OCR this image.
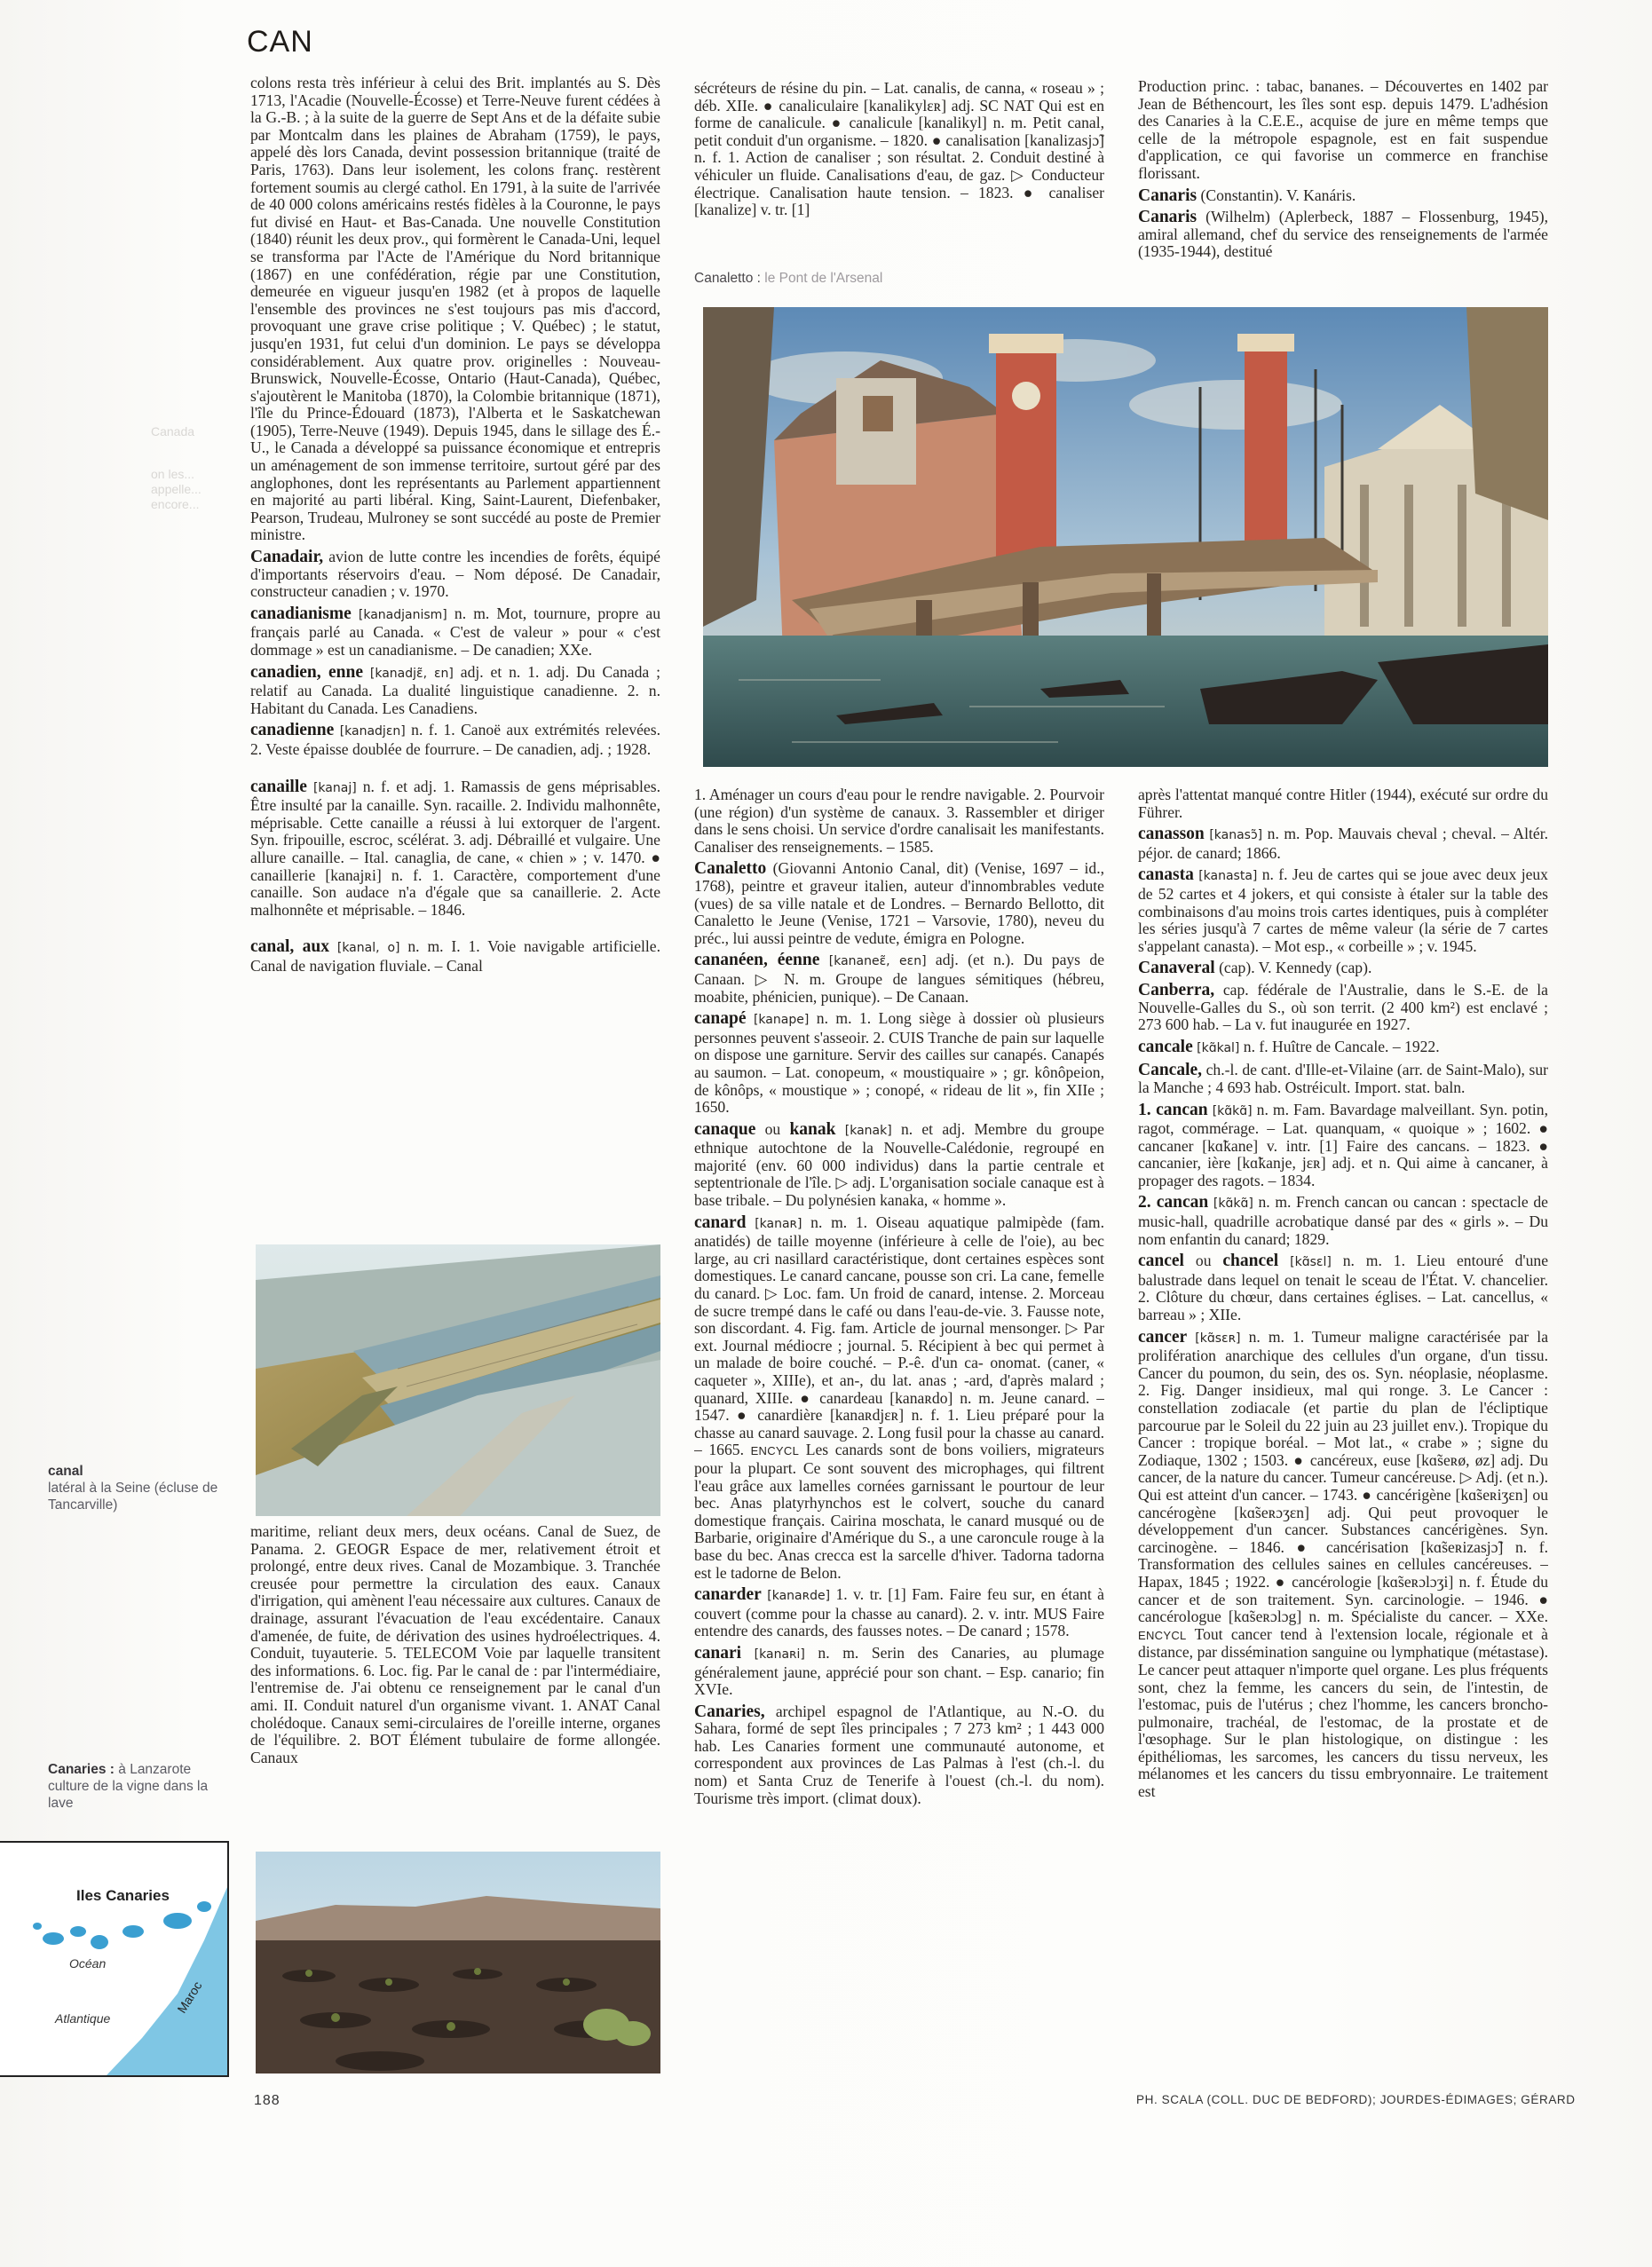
CAN
Canada
on les... appelle... encore...

colons resta très inférieur à celui des Brit. implantés au S. Dès 1713, l'Acadie (Nouvelle-Écosse) et Terre-Neuve furent cédées à la G.-B. ; à la suite de la guerre de Sept Ans et de la défaite subie par Montcalm dans les plaines de Abraham (1759), le pays, appelé dès lors Canada, devint possession britannique (traité de Paris, 1763). Dans leur isolement, les colons franç. restèrent fortement soumis au clergé cathol. En 1791, à la suite de l'arrivée de 40 000 colons américains restés fidèles à la Couronne, le pays fut divisé en Haut- et Bas-Canada. Une nouvelle Constitution (1840) réunit les deux prov., qui formèrent le Canada-Uni, lequel se transforma par l'Acte de l'Amérique du Nord britannique (1867) en une confédération, régie par une Constitution, demeurée en vigueur jusqu'en 1982 (et à propos de laquelle l'ensemble des provinces ne s'est toujours pas mis d'accord, provoquant une grave crise politique ; V. Québec) ; le statut, jusqu'en 1931, fut celui d'un dominion. Le pays se développa considérablement. Aux quatre prov. originelles : Nouveau-Brunswick, Nouvelle-Écosse, Ontario (Haut-Canada), Québec, s'ajoutèrent le Manitoba (1870), la Colombie britannique (1871), l'île du Prince-Édouard (1873), l'Alberta et le Saskatchewan (1905), Terre-Neuve (1949). Depuis 1945, dans le sillage des É.-U., le Canada a développé sa puissance économique et entrepris un aménagement de son immense territoire, surtout géré par des anglophones, dont les représentants au Parlement appartiennent en majorité au parti libéral. King, Saint-Laurent, Diefenbaker, Pearson, Trudeau, Mulroney se sont succédé au poste de Premier ministre.

Canadair, avion de lutte contre les incendies de forêts, équipé d'importants réservoirs d'eau. – Nom déposé. De Canadair, constructeur canadien ; v. 1970.

canadianisme [kanadjanism] n. m. Mot, tournure, propre au français parlé au Canada. « C'est de valeur » pour « c'est dommage » est un canadianisme. – De canadien; XXe.

canadien, enne [kanadjɛ̃, ɛn] adj. et n. 1. adj. Du Canada ; relatif au Canada. La dualité linguistique canadienne. 2. n. Habitant du Canada. Les Canadiens.

canadienne [kanadjɛn] n. f. 1. Canoë aux extrémités relevées. 2. Veste épaisse doublée de fourrure. – De canadien, adj. ; 1928.

canaille [kanaj] n. f. et adj. 1. Ramassis de gens méprisables. Être insulté par la canaille. Syn. racaille. 2. Individu malhonnête, méprisable. Cette canaille a réussi à lui extorquer de l'argent. Syn. fripouille, escroc, scélérat. 3. adj. Débraillé et vulgaire. Une allure canaille. – Ital. canaglia, de cane, « chien » ; v. 1470. ● canaillerie [kanajʀi] n. f. 1. Caractère, comportement d'une canaille. Son audace n'a d'égale que sa canaillerie. 2. Acte malhonnête et méprisable. – 1846.

canal, aux [kanal, o] n. m. I. 1. Voie navigable artificielle. Canal de navigation fluviale. – Canal

maritime, reliant deux mers, deux océans. Canal de Suez, de Panama. 2. GEOGR Espace de mer, relativement étroit et prolongé, entre deux rives. Canal de Mozambique. 3. Tranchée creusée pour permettre la circulation des eaux. Canaux d'irrigation, qui amènent l'eau nécessaire aux cultures. Canaux de drainage, assurant l'évacuation de l'eau excédentaire. Canaux d'amenée, de fuite, de dérivation des usines hydroélectriques. 4. Conduit, tuyauterie. 5. TELECOM Voie par laquelle transitent des informations. 6. Loc. fig. Par le canal de : par l'intermédiaire, l'entremise de. J'ai obtenu ce renseignement par le canal d'un ami. II. Conduit naturel d'un organisme vivant. 1. ANAT Canal cholédoque. Canaux semi-circulaires de l'oreille interne, organes de l'équilibre. 2. BOT Élément tubulaire de forme allongée. Canaux

Iles Canaries
Océan
Atlantique
Maroc
canal
latéral à la Seine (écluse de Tancarville)
Canaries : à Lanzarote culture de la vigne dans la lave
Canaletto : le Pont de l'Arsenal

sécréteurs de résine du pin. – Lat. canalis, de canna, « roseau » ; déb. XIIe. ● canaliculaire [kanalikylɛʀ] adj. SC NAT Qui est en forme de canalicule. ● canalicule [kanalikyl] n. m. Petit canal, petit conduit d'un organisme. – 1820. ● canalisation [kanalizasjɔ̃] n. f. 1. Action de canaliser ; son résultat. 2. Conduit destiné à véhiculer un fluide. Canalisations d'eau, de gaz. ▷ Conducteur électrique. Canalisation haute tension. – 1823. ● canaliser [kanalize] v. tr. [1]

Production princ. : tabac, bananes. – Découvertes en 1402 par Jean de Béthencourt, les îles sont esp. depuis 1479. L'adhésion des Canaries à la C.E.E., acquise de jure en même temps que celle de la métropole espagnole, est en fait suspendue d'application, ce qui favorise un commerce en franchise florissant.

Canaris (Constantin). V. Kanáris.

Canaris (Wilhelm) (Aplerbeck, 1887 – Flossenburg, 1945), amiral allemand, chef du service des renseignements de l'armée (1935-1944), destitué

1. Aménager un cours d'eau pour le rendre navigable. 2. Pourvoir (une région) d'un système de canaux. 3. Rassembler et diriger dans le sens choisi. Un service d'ordre canalisait les manifestants. Canaliser des renseignements. – 1585.

Canaletto (Giovanni Antonio Canal, dit) (Venise, 1697 – id., 1768), peintre et graveur italien, auteur d'innombrables vedute (vues) de sa ville natale et de Londres. – Bernardo Bellotto, dit Canaletto le Jeune (Venise, 1721 – Varsovie, 1780), neveu du préc., lui aussi peintre de vedute, émigra en Pologne.

cananéen, éenne [kananeɛ̃, eɛn] adj. (et n.). Du pays de Canaan. ▷ N. m. Groupe de langues sémitiques (hébreu, moabite, phénicien, punique). – De Canaan.

canapé [kanape] n. m. 1. Long siège à dossier où plusieurs personnes peuvent s'asseoir. 2. CUIS Tranche de pain sur laquelle on dispose une garniture. Servir des cailles sur canapés. Canapés au saumon. – Lat. conopeum, « moustiquaire » ; gr. kônôpeion, de kônôps, « moustique » ; conopé, « rideau de lit », fin XIIe ; 1650.

canaque ou kanak [kanak] n. et adj. Membre du groupe ethnique autochtone de la Nouvelle-Calédonie, regroupé en majorité (env. 60 000 individus) dans la partie centrale et septentrionale de l'île. ▷ adj. L'organisation sociale canaque est à base tribale. – Du polynésien kanaka, « homme ».

canard [kanaʀ] n. m. 1. Oiseau aquatique palmipède (fam. anatidés) de taille moyenne (inférieure à celle de l'oie), au bec large, au cri nasillard caractéristique, dont certaines espèces sont domestiques. Le canard cancane, pousse son cri. La cane, femelle du canard. ▷ Loc. fam. Un froid de canard, intense. 2. Morceau de sucre trempé dans le café ou dans l'eau-de-vie. 3. Fausse note, son discordant. 4. Fig. fam. Article de journal mensonger. ▷ Par ext. Journal médiocre ; journal. 5. Récipient à bec qui permet à un malade de boire couché. – P.-ê. d'un ca- onomat. (caner, « caqueter », XIIIe), et an-, du lat. anas ; -ard, d'après malard ; quanard, XIIIe. ● canardeau [kanaʀdo] n. m. Jeune canard. – 1547. ● canardière [kanaʀdjɛʀ] n. f. 1. Lieu préparé pour la chasse au canard sauvage. 2. Long fusil pour la chasse au canard. – 1665. ENCYCL Les canards sont de bons voiliers, migrateurs pour la plupart. Ce sont souvent des microphages, qui filtrent l'eau grâce aux lamelles cornées garnissant le pourtour de leur bec. Anas platyrhynchos est le colvert, souche du canard domestique français. Cairina moschata, le canard musqué ou de Barbarie, originaire d'Amérique du S., a une caroncule rouge à la base du bec. Anas crecca est la sarcelle d'hiver. Tadorna tadorna est le tadorne de Belon.

canarder [kanaʀde] 1. v. tr. [1] Fam. Faire feu sur, en étant à couvert (comme pour la chasse au canard). 2. v. intr. MUS Faire entendre des canards, des fausses notes. – De canard ; 1578.

canari [kanaʀi] n. m. Serin des Canaries, au plumage généralement jaune, apprécié pour son chant. – Esp. canario; fin XVIe.

Canaries, archipel espagnol de l'Atlantique, au N.-O. du Sahara, formé de sept îles principales ; 7 273 km² ; 1 443 000 hab. Les Canaries forment une communauté autonome, et correspondent aux provinces de Las Palmas à l'est (ch.-l. du nom) et Santa Cruz de Tenerife à l'ouest (ch.-l. du nom). Tourisme très import. (climat doux).

après l'attentat manqué contre Hitler (1944), exécuté sur ordre du Führer.

canasson [kanasɔ̃] n. m. Pop. Mauvais cheval ; cheval. – Altér. péjor. de canard; 1866.

canasta [kanasta] n. f. Jeu de cartes qui se joue avec deux jeux de 52 cartes et 4 jokers, et qui consiste à étaler sur la table des combinaisons d'au moins trois cartes identiques, puis à compléter les séries jusqu'à 7 cartes de même valeur (la série de 7 cartes s'appelant canasta). – Mot esp., « corbeille » ; v. 1945.

Canaveral (cap). V. Kennedy (cap).

Canberra, cap. fédérale de l'Australie, dans le S.-E. de la Nouvelle-Galles du S., où son territ. (2 400 km²) est enclavé ; 273 600 hab. – La v. fut inaugurée en 1927.

cancale [kɑ̃kal] n. f. Huître de Cancale. – 1922.

Cancale, ch.-l. de cant. d'Ille-et-Vilaine (arr. de Saint-Malo), sur la Manche ; 4 693 hab. Ostréicult. Import. stat. baln.

1. cancan [kɑ̃kɑ̃] n. m. Fam. Bavardage malveillant. Syn. potin, ragot, commérage. – Lat. quanquam, « quoique » ; 1602. ● cancaner [kɑ̃kane] v. intr. [1] Faire des cancans. – 1823. ● cancanier, ière [kɑ̃kanje, jɛʀ] adj. et n. Qui aime à cancaner, à propager des ragots. – 1834.

2. cancan [kɑ̃kɑ̃] n. m. French cancan ou cancan : spectacle de music-hall, quadrille acrobatique dansé par des « girls ». – Du nom enfantin du canard; 1829.

cancel ou chancel [kɑ̃sɛl] n. m. 1. Lieu entouré d'une balustrade dans lequel on tenait le sceau de l'État. V. chancelier. 2. Clôture du chœur, dans certaines églises. – Lat. cancellus, « barreau » ; XIIe.

cancer [kɑ̃sɛʀ] n. m. 1. Tumeur maligne caractérisée par la prolifération anarchique des cellules d'un organe, d'un tissu. Cancer du poumon, du sein, des os. Syn. néoplasie, néoplasme. 2. Fig. Danger insidieux, mal qui ronge. 3. Le Cancer : constellation zodiacale (et partie du plan de l'écliptique parcourue par le Soleil du 22 juin au 23 juillet env.). Tropique du Cancer : tropique boréal. – Mot lat., « crabe » ; signe du Zodiaque, 1302 ; 1503. ● cancéreux, euse [kɑ̃seʀø, øz] adj. Du cancer, de la nature du cancer. Tumeur cancéreuse. ▷ Adj. (et n.). Qui est atteint d'un cancer. – 1743. ● cancérigène [kɑ̃seʀiʒɛn] ou cancérogène [kɑ̃seʀɔʒɛn] adj. Qui peut provoquer le développement d'un cancer. Substances cancérigènes. Syn. carcinogène. – 1846. ● cancérisation [kɑ̃seʀizasjɔ̃] n. f. Transformation des cellules saines en cellules cancéreuses. – Hapax, 1845 ; 1922. ● cancérologie [kɑ̃seʀɔlɔʒi] n. f. Étude du cancer et de son traitement. Syn. carcinologie. – 1946. ● cancérologue [kɑ̃seʀɔlɔg] n. m. Spécialiste du cancer. – XXe. ENCYCL Tout cancer tend à l'extension locale, régionale et à distance, par dissémination sanguine ou lymphatique (métastase). Le cancer peut attaquer n'importe quel organe. Les plus fréquents sont, chez la femme, les cancers du sein, de l'intestin, de l'estomac, puis de l'utérus ; chez l'homme, les cancers broncho-pulmonaire, trachéal, de l'estomac, de la prostate et de l'œsophage. Sur le plan histologique, on distingue : les épithéliomas, les sarcomes, les cancers du tissu nerveux, les mélanomes et les cancers du tissu embryonnaire. Le traitement est

188	PH. SCALA (COLL. DUC DE BEDFORD); JOURDES-ÉDIMAGES; GÉRARD
